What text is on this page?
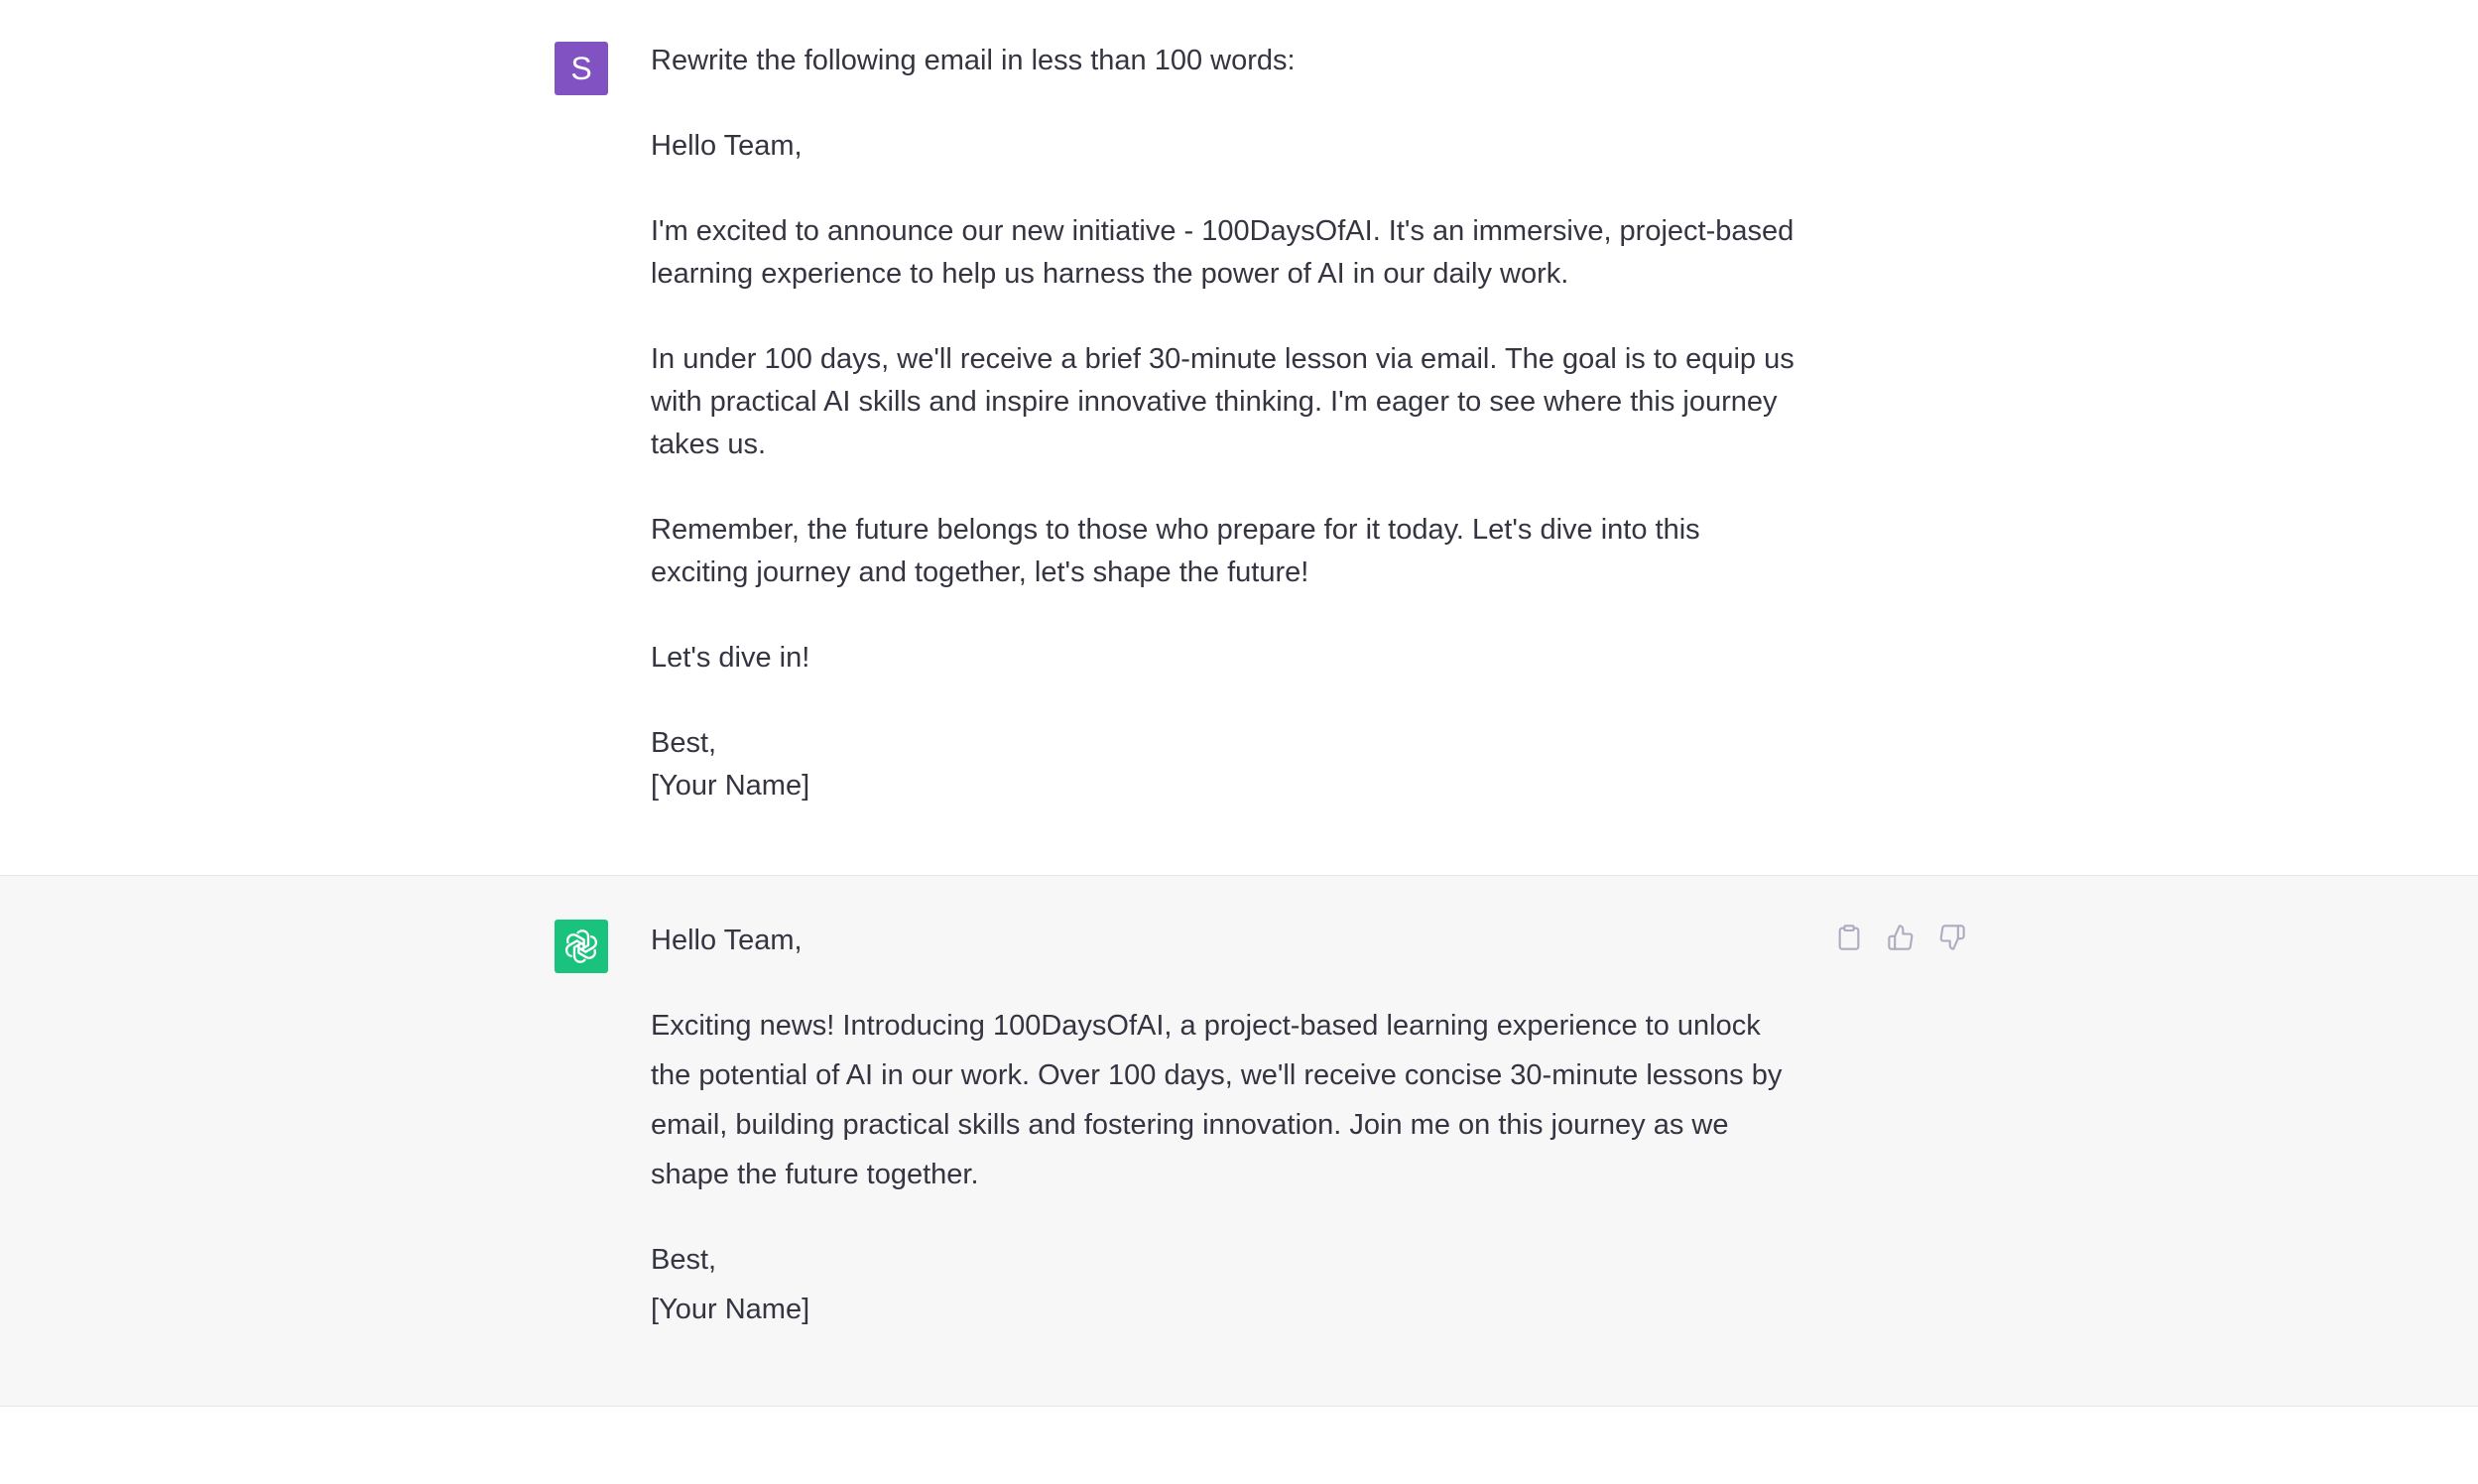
S Rewrite the following email in less than 100 words:

Hello Team,

I'm excited to announce our new initiative - 100DaysOfAI. It's an immersive, project-based learning experience to help us harness the power of AI in our daily work.

In under 100 days, we'll receive a brief 30-minute lesson via email. The goal is to equip us with practical AI skills and inspire innovative thinking. I'm eager to see where this journey takes us.

Remember, the future belongs to those who prepare for it today. Let's dive into this exciting journey and together, let's shape the future!

Let's dive in!

Best,
[Your Name]

Hello Team,

Exciting news! Introducing 100DaysOfAI, a project-based learning experience to unlock the potential of AI in our work. Over 100 days, we'll receive concise 30-minute lessons by email, building practical skills and fostering innovation. Join me on this journey as we shape the future together.

Best,
[Your Name]
